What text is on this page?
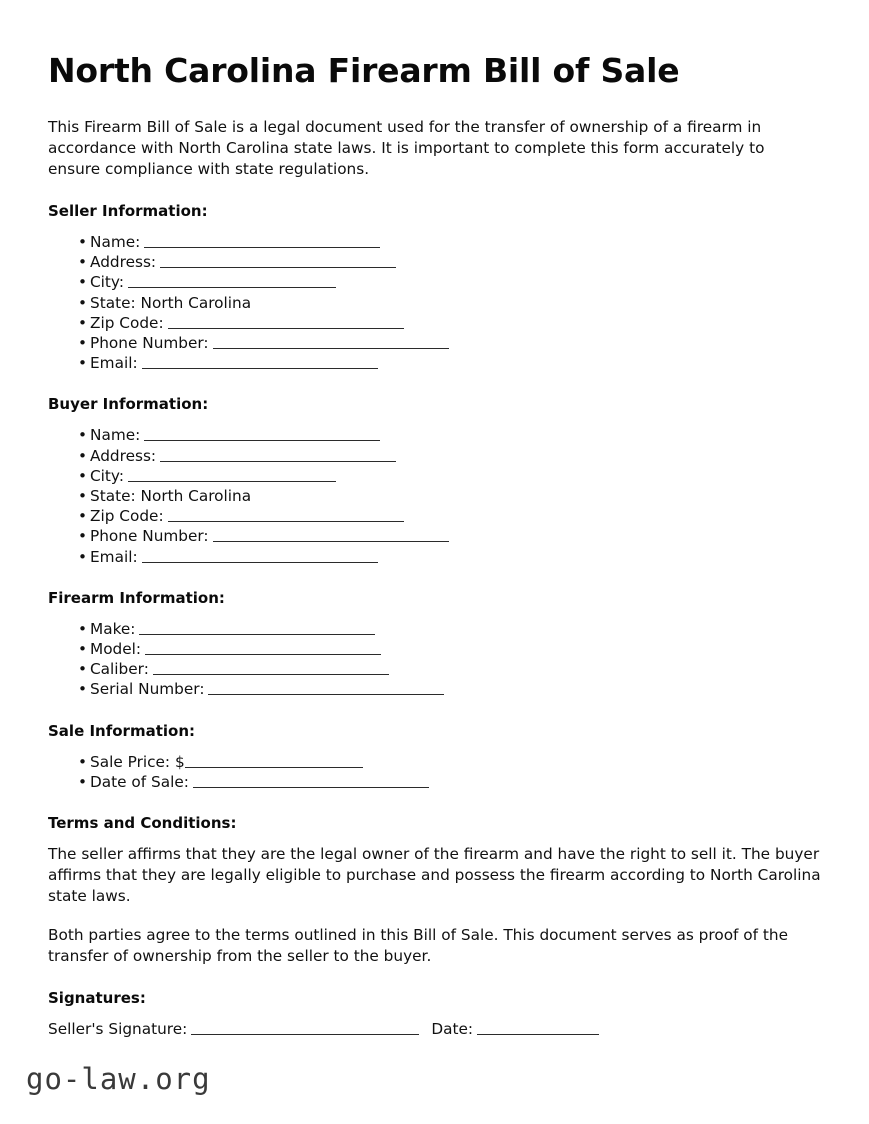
North Carolina Firearm Bill of Sale

This Firearm Bill of Sale is a legal document used for the transfer of ownership of a firearm in accordance with North Carolina state laws. It is important to complete this form accurately to ensure compliance with state regulations.

Seller Information:
• Name:
• Address:
• City:
• State: North Carolina
• Zip Code:
• Phone Number:
• Email:
Buyer Information:
• Name:
• Address:
• City:
• State: North Carolina
• Zip Code:
• Phone Number:
• Email:
Firearm Information:
• Make:
• Model:
• Caliber:
• Serial Number:
Sale Information:
• Sale Price: $
• Date of Sale:
Terms and Conditions:

The seller affirms that they are the legal owner of the firearm and have the right to sell it. The buyer affirms that they are legally eligible to purchase and possess the firearm according to North Carolina state laws.

Both parties agree to the terms outlined in this Bill of Sale. This document serves as proof of the transfer of ownership from the seller to the buyer.

Signatures:

Seller's Signature:	Date:

go-law.org
